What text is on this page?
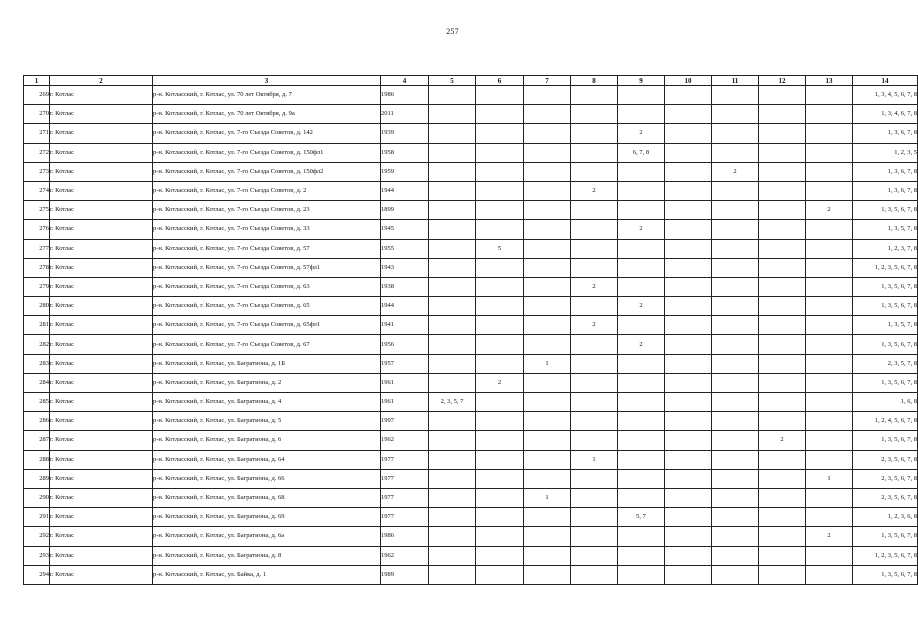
257
1	2	3	4	5	6	7	8	9	10	11	12	13	14
269	г. Котлас	р-н. Котласский, г. Котлас, ул. 70 лет Октября, д. 7	1986										1, 3, 4, 5, 6, 7, 8
270	г. Котлас	р-н. Котласский, г. Котлас, ул. 70 лет Октября, д. 9а	2011										1, 3, 4, 6, 7, 8
271	г. Котлас	р-н. Котласский, г. Котлас, ул. 7-го Съезда Советов, д. 142	1939					2					1, 3, 6, 7, 8
272	г. Котлас	р-н. Котласский, г. Котлас, ул. 7-го Съезда Советов, д. 150фл1	1958					6, 7, 8					1, 2, 3, 5
273	г. Котлас	р-н. Котласский, г. Котлас, ул. 7-го Съезда Советов, д. 150фл2	1959							2			1, 3, 6, 7, 8
274	г. Котлас	р-н. Котласский, г. Котлас, ул. 7-го Съезда Советов, д. 2	1944				2						1, 3, 6, 7, 8
275	г. Котлас	р-н. Котласский, г. Котлас, ул. 7-го Съезда Советов, д. 23	1899									2	1, 3, 5, 6, 7, 8
276	г. Котлас	р-н. Котласский, г. Котлас, ул. 7-го Съезда Советов, д. 33	1945					2					1, 3, 5, 7, 8
277	г. Котлас	р-н. Котласский, г. Котлас, ул. 7-го Съезда Советов, д. 57	1955		5								1, 2, 3, 7, 8
278	г. Котлас	р-н. Котласский, г. Котлас, ул. 7-го Съезда Советов, д. 57фл1	1943										1, 2, 3, 5, 6, 7, 8
279	г. Котлас	р-н. Котласский, г. Котлас, ул. 7-го Съезда Советов, д. 63	1938				2						1, 3, 5, 6, 7, 8
280	г. Котлас	р-н. Котласский, г. Котлас, ул. 7-го Съезда Советов, д. 65	1944					2					1, 3, 5, 6, 7, 8
281	г. Котлас	р-н. Котласский, г. Котлас, ул. 7-го Съезда Советов, д. 65фл1	1941				2						1, 3, 5, 7, 8
282	г. Котлас	р-н. Котласский, г. Котлас, ул. 7-го Съезда Советов, д. 67	1956					2					1, 3, 5, 6, 7, 8
283	г. Котлас	р-н. Котласский, г. Котлас, ул. Багратиона, д. 1Б	1957			1							2, 3, 5, 7, 8
284	г. Котлас	р-н. Котласский, г. Котлас, ул. Багратиона, д. 2	1961		2								1, 3, 5, 6, 7, 8
285	г. Котлас	р-н. Котласский, г. Котлас, ул. Багратиона, д. 4	1961	2, 3, 5, 7									1, 6, 8
286	г. Котлас	р-н. Котласский, г. Котлас, ул. Багратиона, д. 5	1997										1, 2, 4, 5, 6, 7, 8
287	г. Котлас	р-н. Котласский, г. Котлас, ул. Багратиона, д. 6	1962								2		1, 3, 5, 6, 7, 8
288	г. Котлас	р-н. Котласский, г. Котлас, ул. Багратиона, д. 64	1977				1						2, 3, 5, 6, 7, 8
289	г. Котлас	р-н. Котласский, г. Котлас, ул. Багратиона, д. 66	1977									1	2, 3, 5, 6, 7, 8
290	г. Котлас	р-н. Котласский, г. Котлас, ул. Багратиона, д. 68	1977			1							2, 3, 5, 6, 7, 8
291	г. Котлас	р-н. Котласский, г. Котлас, ул. Багратиона, д. 69	1977					5, 7					1, 2, 3, 6, 8
292	г. Котлас	р-н. Котласский, г. Котлас, ул. Багратиона, д. 6а	1986									2	1, 3, 5, 6, 7, 8
293	г. Котлас	р-н. Котласский, г. Котлас, ул. Багратиона, д. 8	1962										1, 2, 3, 5, 6, 7, 8
294	г. Котлас	р-н. Котласский, г. Котлас, ул. Байка, д. 1	1989										1, 3, 5, 6, 7, 8
